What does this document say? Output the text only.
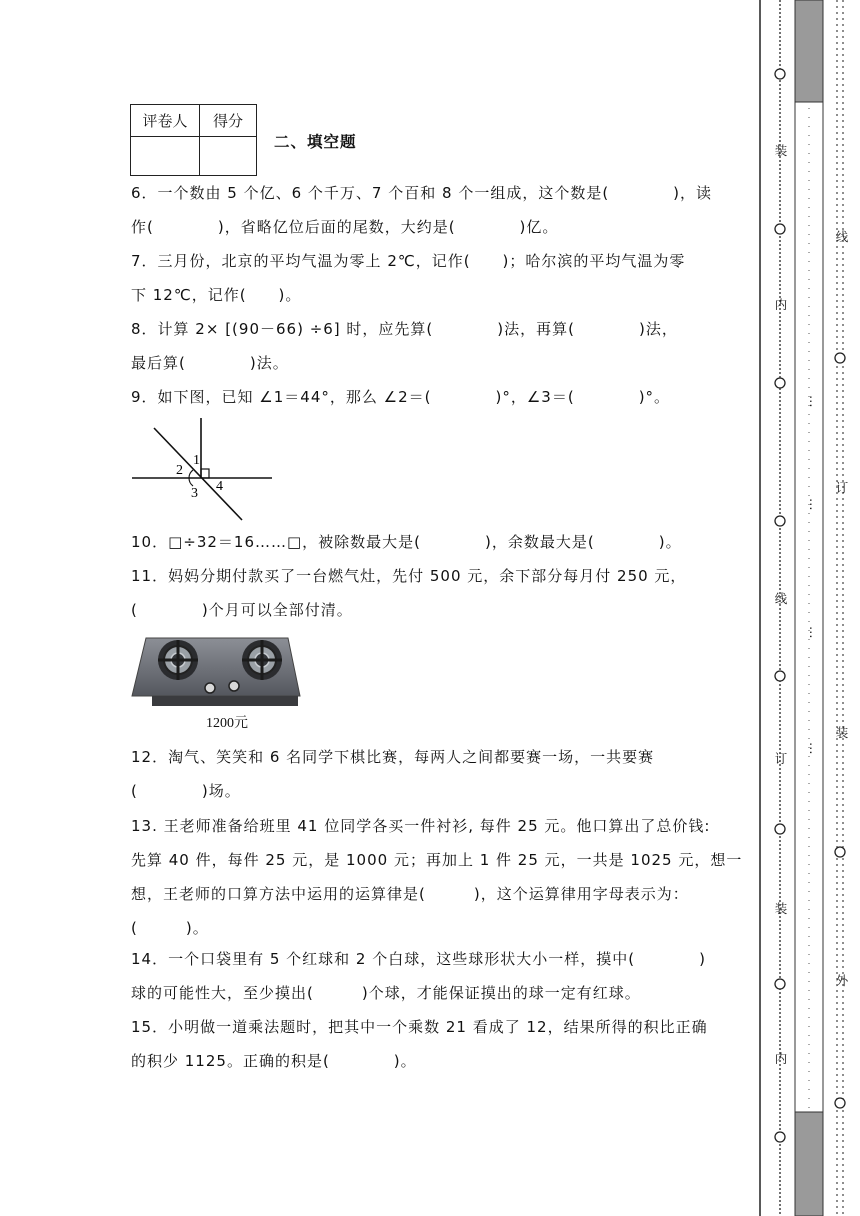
评卷人	得分

二、填空题
6．一个数由 5 个亿、6 个千万、7 个百和 8 个一组成，这个数是(　　　　)，读
作(　　　　)，省略亿位后面的尾数，大约是(　　　　)亿。
7．三月份，北京的平均气温为零上 2℃，记作(　　)；哈尔滨的平均气温为零
下 12℃，记作(　　)。
8．计算 2× [(90－66) ÷6] 时，应先算(　　　　)法，再算(　　　　)法，
最后算(　　　　)法。
9．如下图，已知 ∠1＝44°，那么 ∠2＝(　　　　)°，∠3＝(　　　　)°。
1
2
3 4
10．□÷32＝16……□，被除数最大是(　　　　)，余数最大是(　　　　)。
11．妈妈分期付款买了一台燃气灶，先付 500 元，余下部分每月付 250 元，
(　　　　)个月可以全部付清。
1200元
12．淘气、笑笑和 6 名同学下棋比赛，每两人之间都要赛一场，一共要赛
(　　　　)场。
13. 王老师准备给班里 41 位同学各买一件衬衫, 每件 25 元。他口算出了总价钱:
先算 40 件，每件 25 元，是 1000 元；再加上 1 件 25 元，一共是 1025 元，想一
想，王老师的口算方法中运用的运算律是(　　　)，这个运算律用字母表示为：
(　　　)。
14．一个口袋里有 5 个红球和 2 个白球，这些球形状大小一样，摸中(　　　　)
球的可能性大，至少摸出(　　　)个球，才能保证摸出的球一定有红球。
15．小明做一道乘法题时，把其中一个乘数 21 看成了 12，结果所得的积比正确
的积少 1125。正确的积是(　　　　)。
装
内
线
订
装
内
线
订
装
外
…
…
…
…
